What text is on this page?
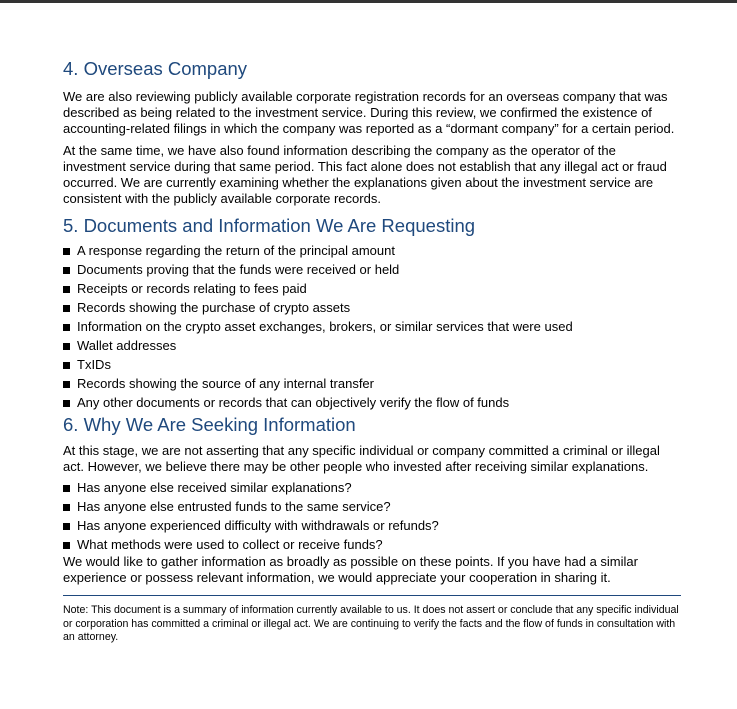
4. Overseas Company

We are also reviewing publicly available corporate registration records for an overseas company that was described as being related to the investment service. During this review, we confirmed the existence of accounting-related filings in which the company was reported as a “dormant company” for a certain period.

At the same time, we have also found information describing the company as the operator of the investment service during that same period. This fact alone does not establish that any illegal act or fraud occurred. We are currently examining whether the explanations given about the investment service are consistent with the publicly available corporate records.

5. Documents and Information We Are Requesting
A response regarding the return of the principal amount
Documents proving that the funds were received or held
Receipts or records relating to fees paid
Records showing the purchase of crypto assets
Information on the crypto asset exchanges, brokers, or similar services that were used
Wallet addresses
TxIDs
Records showing the source of any internal transfer
Any other documents or records that can objectively verify the flow of funds
6. Why We Are Seeking Information

At this stage, we are not asserting that any specific individual or company committed a criminal or illegal act. However, we believe there may be other people who invested after receiving similar explanations.

Has anyone else received similar explanations?
Has anyone else entrusted funds to the same service?
Has anyone experienced difficulty with withdrawals or refunds?
What methods were used to collect or receive funds?

We would like to gather information as broadly as possible on these points. If you have had a similar experience or possess relevant information, we would appreciate your cooperation in sharing it.

Note: This document is a summary of information currently available to us. It does not assert or conclude that any specific individual or corporation has committed a criminal or illegal act. We are continuing to verify the facts and the flow of funds in consultation with an attorney.
